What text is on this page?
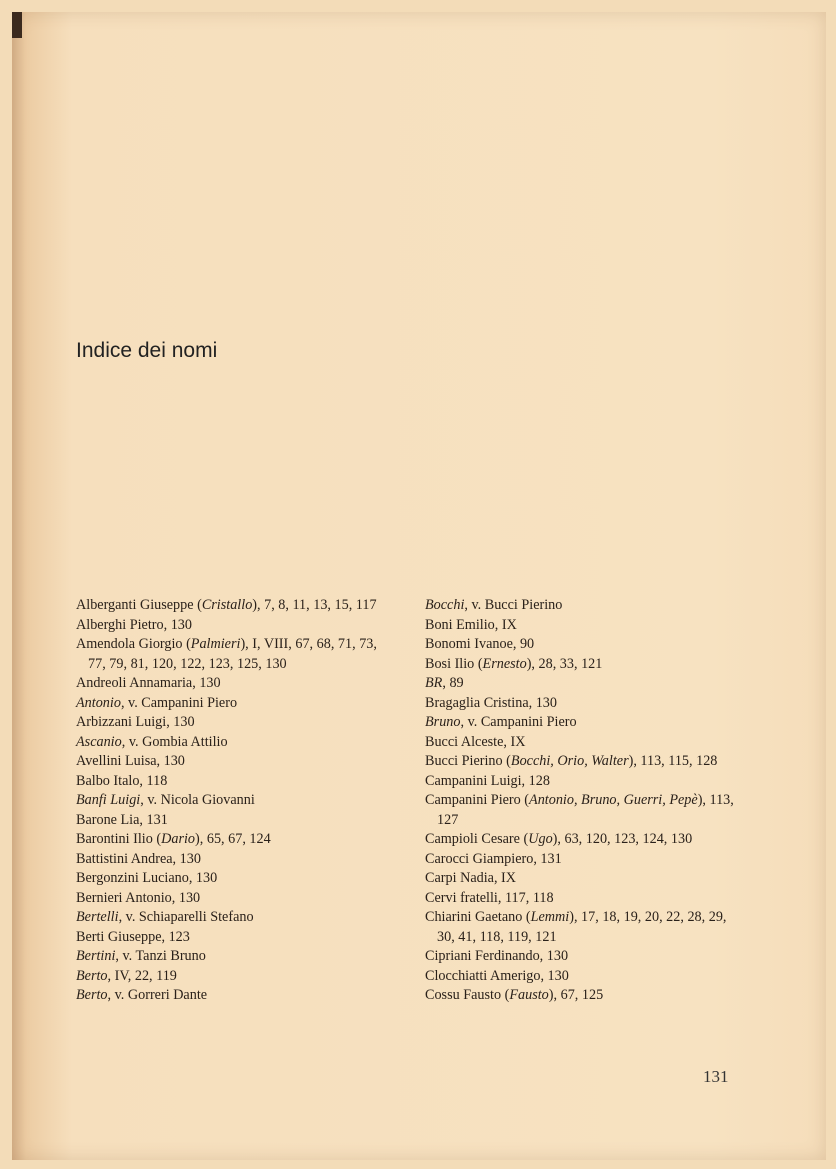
Indice dei nomi

Alberganti Giuseppe (Cristallo), 7, 8, 11, 13, 15, 117

Alberghi Pietro, 130

Amendola Giorgio (Palmieri), I, VIII, 67, 68, 71, 73, 77, 79, 81, 120, 122, 123, 125, 130

Andreoli Annamaria, 130

Antonio, v. Campanini Piero

Arbizzani Luigi, 130

Ascanio, v. Gombia Attilio

Avellini Luisa, 130

Balbo Italo, 118

Banfi Luigi, v. Nicola Giovanni

Barone Lia, 131

Barontini Ilio (Dario), 65, 67, 124

Battistini Andrea, 130

Bergonzini Luciano, 130

Bernieri Antonio, 130

Bertelli, v. Schiaparelli Stefano

Berti Giuseppe, 123

Bertini, v. Tanzi Bruno

Berto, IV, 22, 119

Berto, v. Gorreri Dante

Bocchi, v. Bucci Pierino

Boni Emilio, IX

Bonomi Ivanoe, 90

Bosi Ilio (Ernesto), 28, 33, 121

BR, 89

Bragaglia Cristina, 130

Bruno, v. Campanini Piero

Bucci Alceste, IX

Bucci Pierino (Bocchi, Orio, Walter), 113, 115, 128

Campanini Luigi, 128

Campanini Piero (Antonio, Bruno, Guerri, Pepè), 113, 127

Campioli Cesare (Ugo), 63, 120, 123, 124, 130

Carocci Giampiero, 131

Carpi Nadia, IX

Cervi fratelli, 117, 118

Chiarini Gaetano (Lemmi), 17, 18, 19, 20, 22, 28, 29, 30, 41, 118, 119, 121

Cipriani Ferdinando, 130

Clocchiatti Amerigo, 130

Cossu Fausto (Fausto), 67, 125

131
